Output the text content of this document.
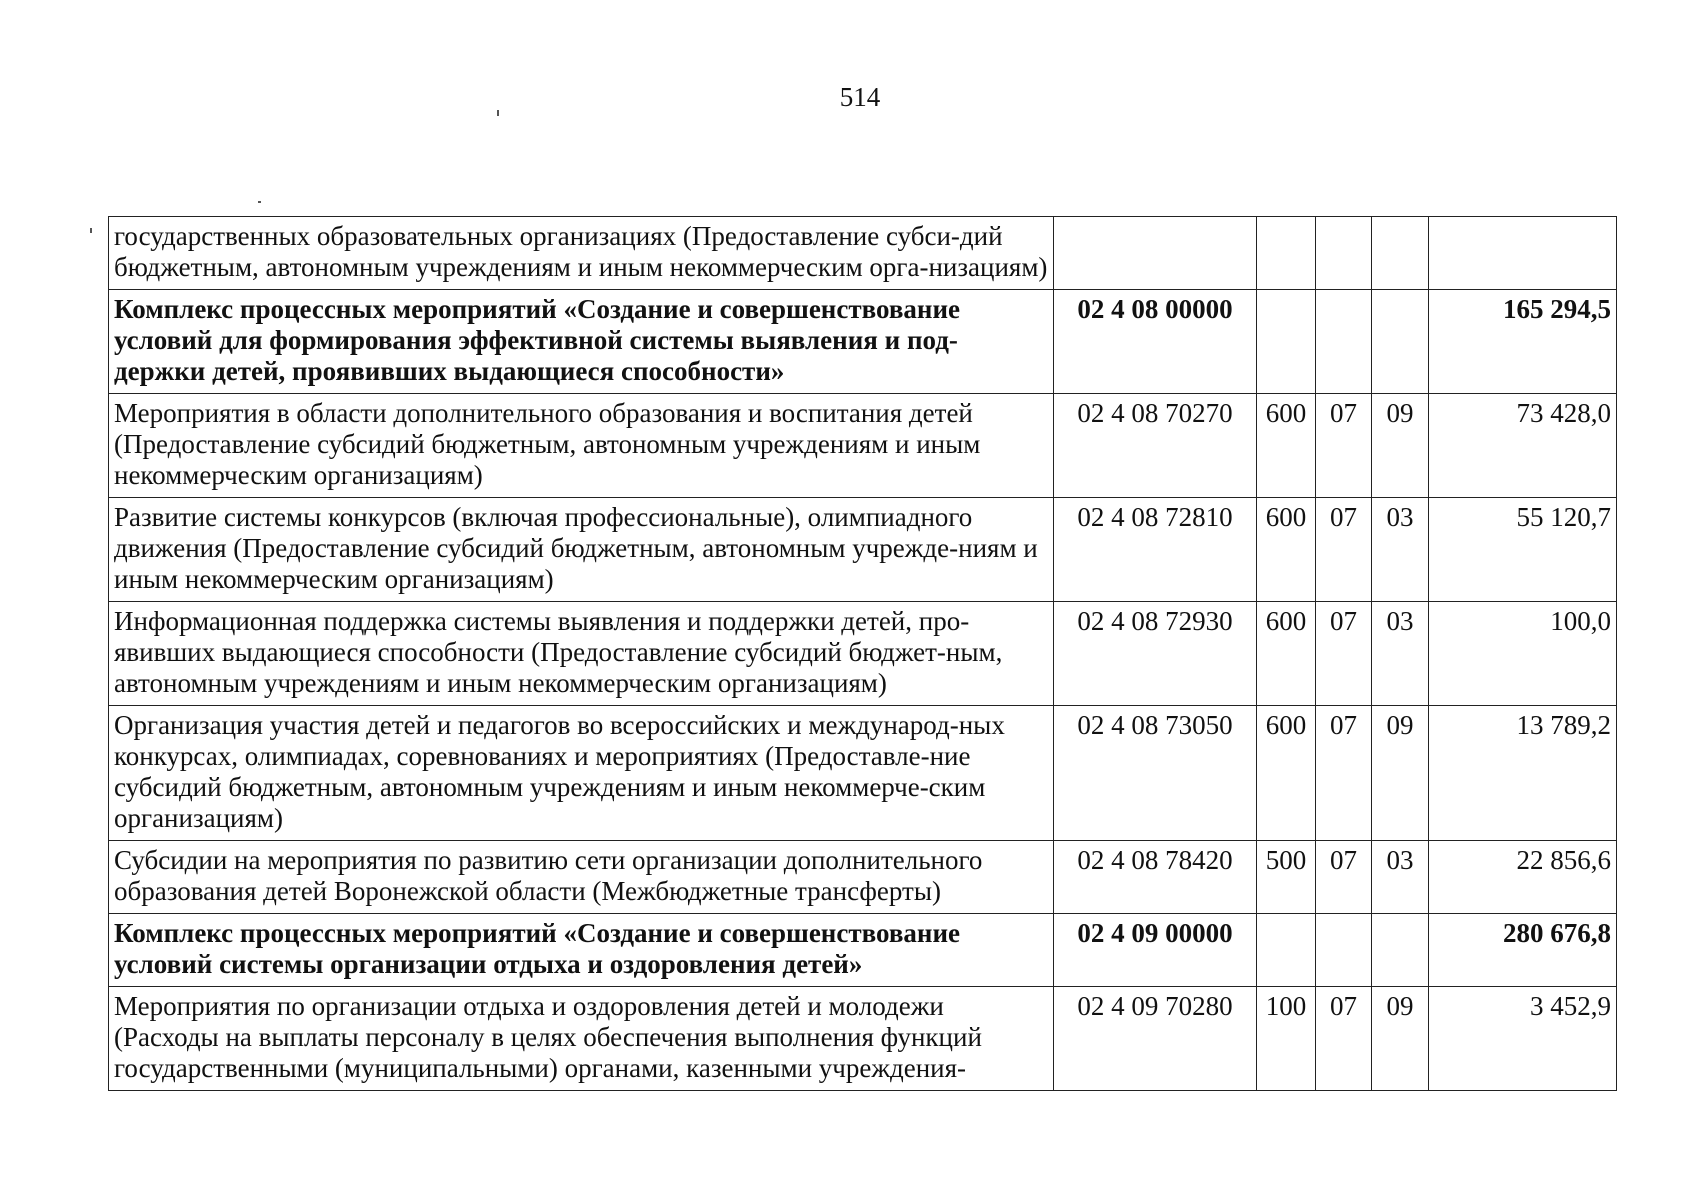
514
государственных образовательных организациях (Предоставление субси-дий бюджетным, автономным учреждениям и иным некоммерческим орга-низациям)					
Комплекс процессных мероприятий «Создание и совершенствование условий для формирования эффективной системы выявления и под-держки детей, проявивших выдающиеся способности»	02 4 08 00000				165 294,5
Мероприятия в области дополнительного образования и воспитания детей (Предоставление субсидий бюджетным, автономным учреждениям и иным некоммерческим организациям)	02 4 08 70270	600	07	09	73 428,0
Развитие системы конкурсов (включая профессиональные), олимпиадного движения (Предоставление субсидий бюджетным, автономным учрежде-ниям и иным некоммерческим организациям)	02 4 08 72810	600	07	03	55 120,7
Информационная поддержка системы выявления и поддержки детей, про-явивших выдающиеся способности (Предоставление субсидий бюджет-ным, автономным учреждениям и иным некоммерческим организациям)	02 4 08 72930	600	07	03	100,0
Организация участия детей и педагогов во всероссийских и международ-ных конкурсах, олимпиадах, соревнованиях и мероприятиях (Предоставле-ние субсидий бюджетным, автономным учреждениям и иным некоммерче-ским организациям)	02 4 08 73050	600	07	09	13 789,2
Субсидии на мероприятия по развитию сети организации дополнительного образования детей Воронежской области (Межбюджетные трансферты)	02 4 08 78420	500	07	03	22 856,6
Комплекс процессных мероприятий «Создание и совершенствование условий системы организации отдыха и оздоровления детей»	02 4 09 00000				280 676,8
Мероприятия по организации отдыха и оздоровления детей и молодежи (Расходы на выплаты персоналу в целях обеспечения выполнения функций государственными (муниципальными) органами, казенными учреждения-	02 4 09 70280	100	07	09	3 452,9
